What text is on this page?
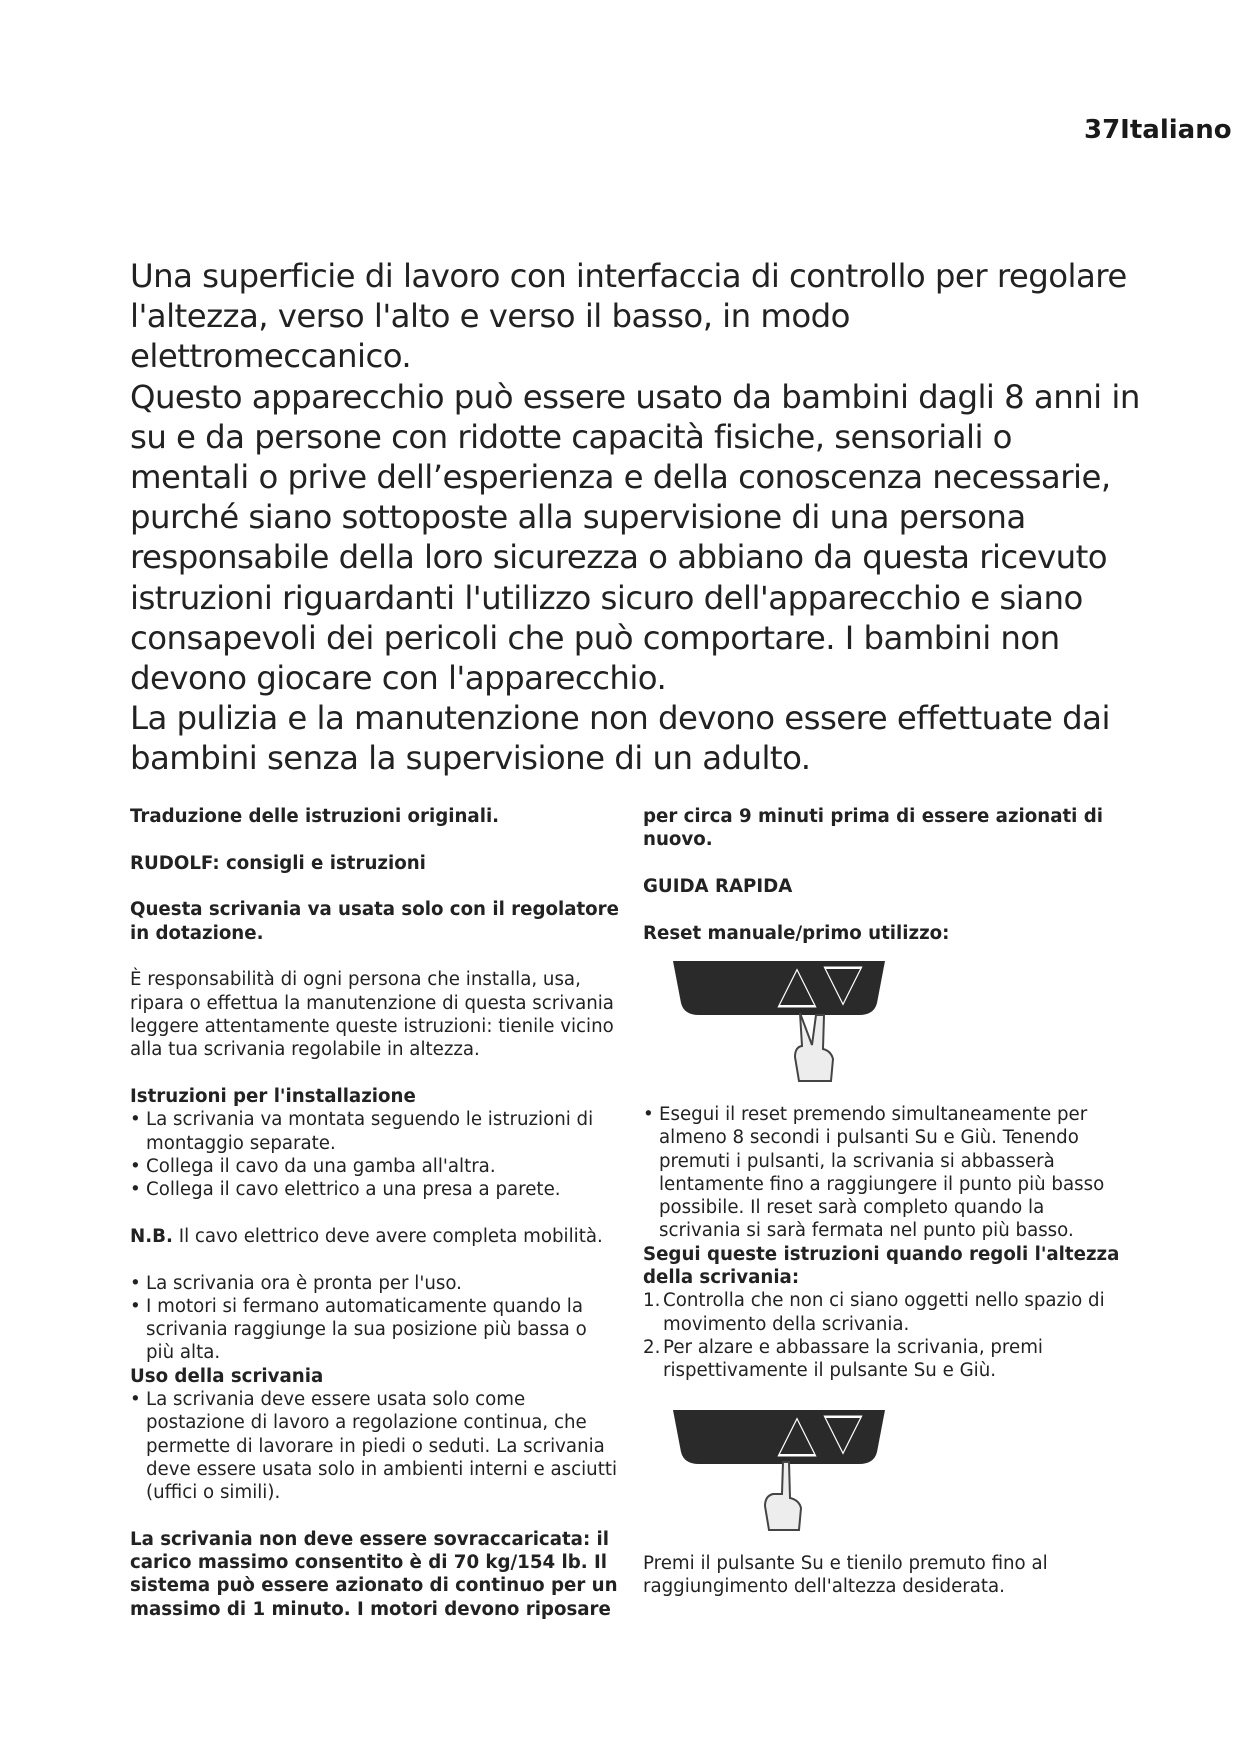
37Italiano

Una superficie di lavoro con interfaccia di controllo per regolare l'altezza, verso l'alto e verso il basso, in modo elettromeccanico.

Questo apparecchio può essere usato da bambini dagli 8 anni in su e da persone con ridotte capacità fisiche, sensoriali o mentali o prive dell’esperienza e della conoscenza necessarie, purché siano sottoposte alla supervisione di una persona responsabile della loro sicurezza o abbiano da questa ricevuto istruzioni riguardanti l'utilizzo sicuro dell'apparecchio e siano consapevoli dei pericoli che può comportare. I bambini non devono giocare con l'apparecchio.

La pulizia e la manutenzione non devono essere effettuate dai bambini senza la supervisione di un adulto.

Traduzione delle istruzioni originali.
RUDOLF: consigli e istruzioni
Questa scrivania va usata solo con il regolatore in dotazione.
È responsabilità di ogni persona che installa, usa, ripara o effettua la manutenzione di questa scrivania leggere attentamente queste istruzioni: tienile vicino alla tua scrivania regolabile in altezza.
Istruzioni per l'installazione
• La scrivania va montata seguendo le istruzioni di montaggio separate.
• Collega il cavo da una gamba all'altra.
• Collega il cavo elettrico a una presa a parete.
N.B. Il cavo elettrico deve avere completa mobilità.
• La scrivania ora è pronta per l'uso.
• I motori si fermano automaticamente quando la scrivania raggiunge la sua posizione più bassa o più alta.
Uso della scrivania
• La scrivania deve essere usata solo come postazione di lavoro a regolazione continua, che permette di lavorare in piedi o seduti. La scrivania deve essere usata solo in ambienti interni e asciutti (uffici o simili).
La scrivania non deve essere sovraccaricata: il carico massimo consentito è di 70 kg/154 lb. Il sistema può essere azionato di continuo per un massimo di 1 minuto. I motori devono riposare
per circa 9 minuti prima di essere azionati di nuovo.
GUIDA RAPIDA
Reset manuale/primo utilizzo:
• Esegui il reset premendo simultaneamente per almeno 8 secondi i pulsanti Su e Giù. Tenendo premuti i pulsanti, la scrivania si abbasserà lentamente fino a raggiungere il punto più basso possibile. Il reset sarà completo quando la scrivania si sarà fermata nel punto più basso.
Segui queste istruzioni quando regoli l'altezza della scrivania:
1. Controlla che non ci siano oggetti nello spazio di movimento della scrivania.
2. Per alzare e abbassare la scrivania, premi rispettivamente il pulsante Su e Giù.
Premi il pulsante Su e tienilo premuto fino al raggiungimento dell'altezza desiderata.
